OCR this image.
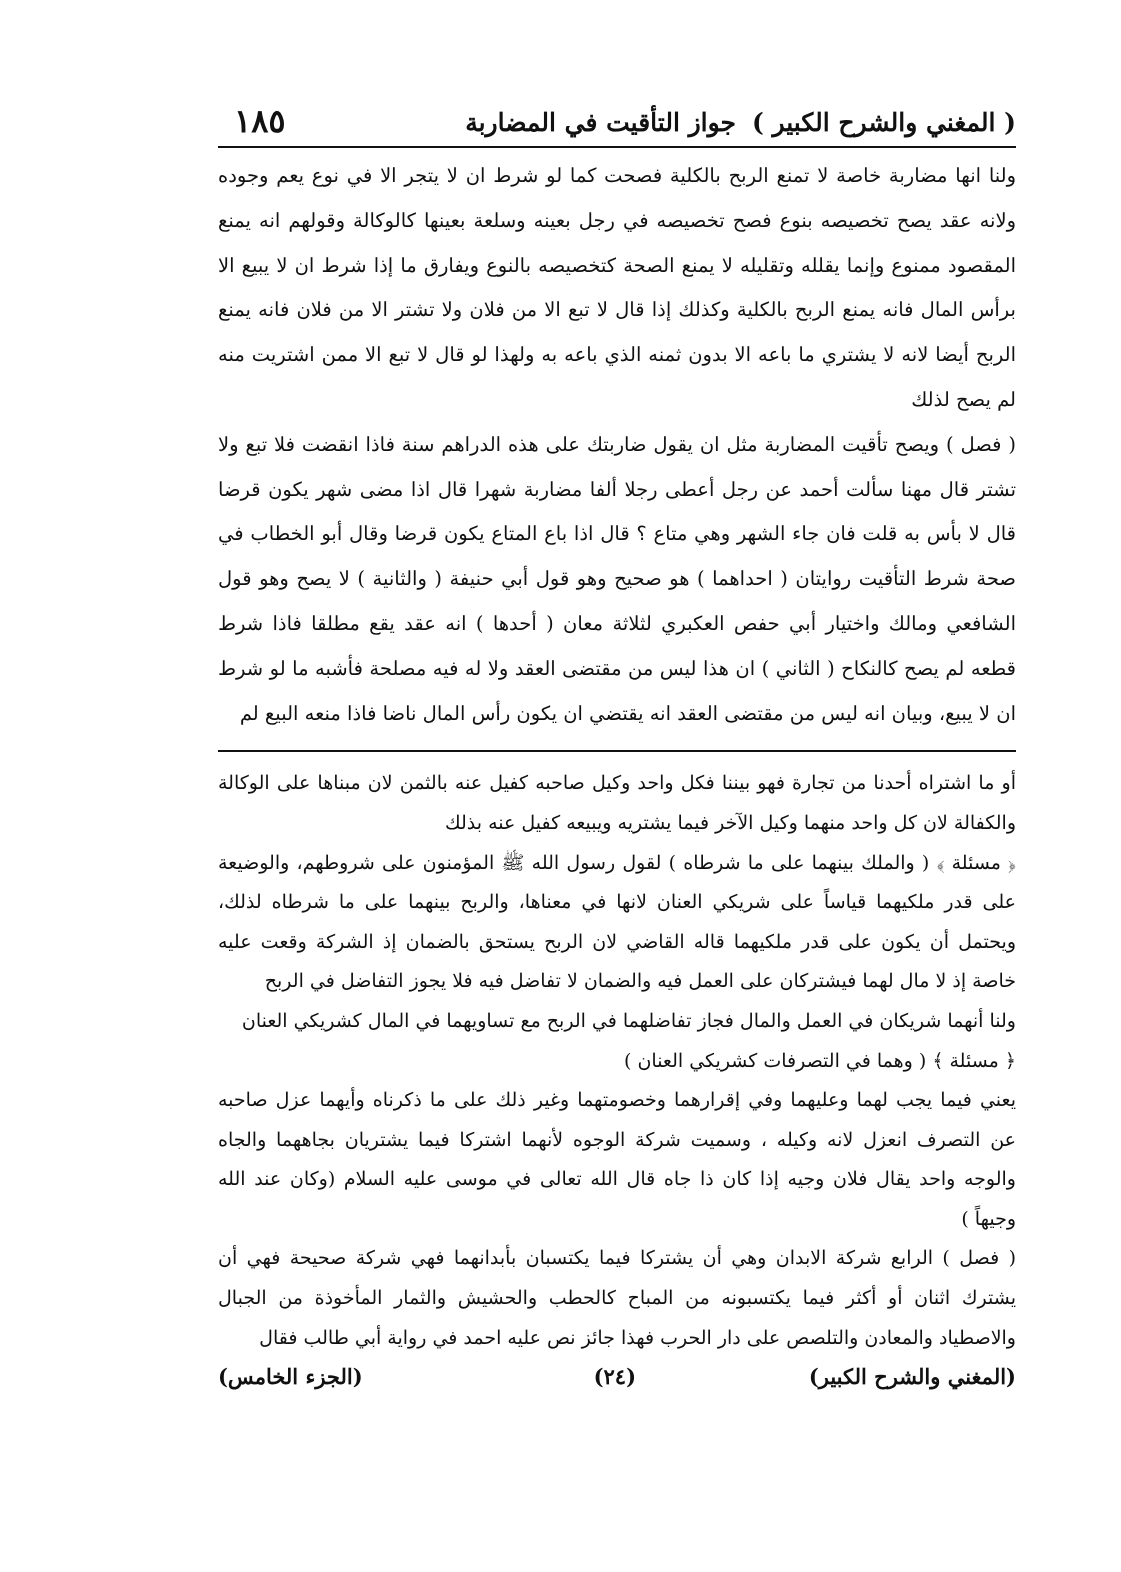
( المغني والشرح الكبير )
جواز التأقيت في المضاربة
١٨٥

ولنا انها مضاربة خاصة لا تمنع الربح بالكلية فصحت كما لو شرط ان لا يتجر الا في نوع يعم وجوده ولانه عقد يصح تخصيصه بنوع فصح تخصيصه في رجل بعينه وسلعة بعينها كالوكالة وقولهم انه يمنع المقصود ممنوع وإنما يقلله وتقليله لا يمنع الصحة كتخصيصه بالنوع ويفارق ما إذا شرط ان لا يبيع الا برأس المال فانه يمنع الربح بالكلية وكذلك إذا قال لا تبع الا من فلان ولا تشتر الا من فلان فانه يمنع الربح أيضا لانه لا يشتري ما باعه الا بدون ثمنه الذي باعه به ولهذا لو قال لا تبع الا ممن اشتريت منه لم يصح لذلك

( فصل ) ويصح تأقيت المضاربة مثل ان يقول ضاربتك على هذه الدراهم سنة فاذا انقضت فلا تبع ولا تشتر قال مهنا سألت أحمد عن رجل أعطى رجلا ألفا مضاربة شهرا قال اذا مضى شهر يكون قرضا قال لا بأس به قلت فان جاء الشهر وهي متاع ؟ قال اذا باع المتاع يكون قرضا وقال أبو الخطاب في صحة شرط التأقيت روايتان ( احداهما ) هو صحيح وهو قول أبي حنيفة ( والثانية ) لا يصح وهو قول الشافعي ومالك واختيار أبي حفص العكبري لثلاثة معان ( أحدها ) انه عقد يقع مطلقا فاذا شرط قطعه لم يصح كالنكاح ( الثاني ) ان هذا ليس من مقتضى العقد ولا له فيه مصلحة فأشبه ما لو شرط ان لا يبيع، وبيان انه ليس من مقتضى العقد انه يقتضي ان يكون رأس المال ناضا فاذا منعه البيع لم

أو ما اشتراه أحدنا من تجارة فهو بيننا فكل واحد وكيل صاحبه كفيل عنه بالثمن لان مبناها على الوكالة والكفالة لان كل واحد منهما وكيل الآخر فيما يشتريه ويبيعه كفيل عنه بذلك

﴿ مسئلة ﴾ ( والملك بينهما على ما شرطاه ) لقول رسول الله ﷺ المؤمنون على شروطهم، والوضيعة على قدر ملكيهما قياساً على شريكي العنان لانها في معناها، والربح بينهما على ما شرطاه لذلك، ويحتمل أن يكون على قدر ملكيهما قاله القاضي لان الربح يستحق بالضمان إذ الشركة وقعت عليه خاصة إذ لا مال لهما فيشتركان على العمل فيه والضمان لا تفاضل فيه فلا يجوز التفاضل في الربح

ولنا أنهما شريكان في العمل والمال فجاز تفاضلهما في الربح مع تساويهما في المال كشريكي العنان

﴿ مسئلة ﴾ ( وهما في التصرفات كشريكي العنان )

يعني فيما يجب لهما وعليهما وفي إقرارهما وخصومتهما وغير ذلك على ما ذكرناه وأيهما عزل صاحبه عن التصرف انعزل لانه وكيله ، وسميت شركة الوجوه لأنهما اشتركا فيما يشتريان بجاههما والجاه والوجه واحد يقال فلان وجيه إذا كان ذا جاه قال الله تعالى في موسى عليه السلام (وكان عند الله وجيهاً )

( فصل ) الرابع شركة الابدان وهي أن يشتركا فيما يكتسبان بأبدانهما فهي شركة صحيحة فهي أن يشترك اثنان أو أكثر فيما يكتسبونه من المباح كالحطب والحشيش والثمار المأخوذة من الجبال والاصطياد والمعادن والتلصص على دار الحرب فهذا جائز نص عليه احمد في رواية أبي طالب فقال

(المغني والشرح الكبير)
(٢٤)
(الجزء الخامس)
